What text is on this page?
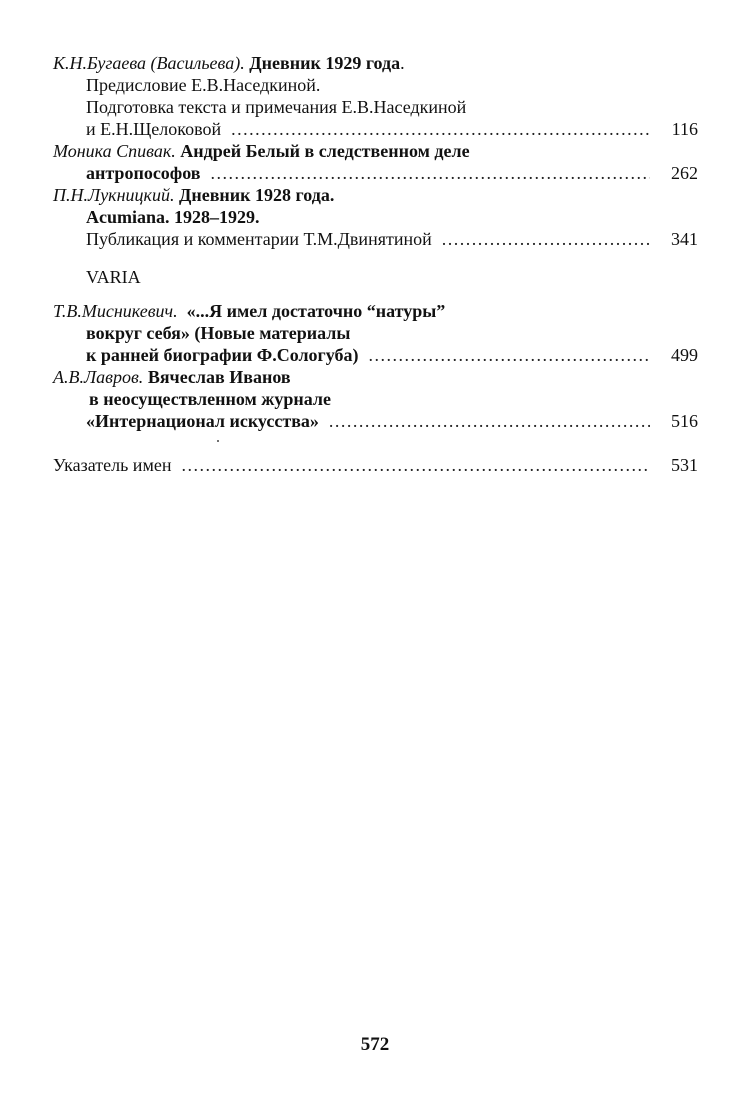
К.Н.Бугаева (Васильева).
Дневник 1929 года .
Предисловие Е.В.Наседкиной.
Подготовка текста и примечания Е.В.Наседкиной
и Е.Н.Щелоковой .....	116
Моника Спивак.
Андрей Белый в следственном деле
антропософов .....	262
П.Н.Лукницкий.
Дневник 1928 года.
Acumiana. 1928–1929.
Публикация и комментарии Т.М.Двинятиной .....	341
VARIA
Т.В.Мисникевич.
«...Я имел достаточно “натуры”
вокруг себя» (Новые материалы
к ранней биографии Ф.Сологуба) .....	499
А.В.Лавров.
Вячеслав Иванов
в неосуществленном журнале
«Интернационал искусства» .....	516
Указатель имен .....	531
572
